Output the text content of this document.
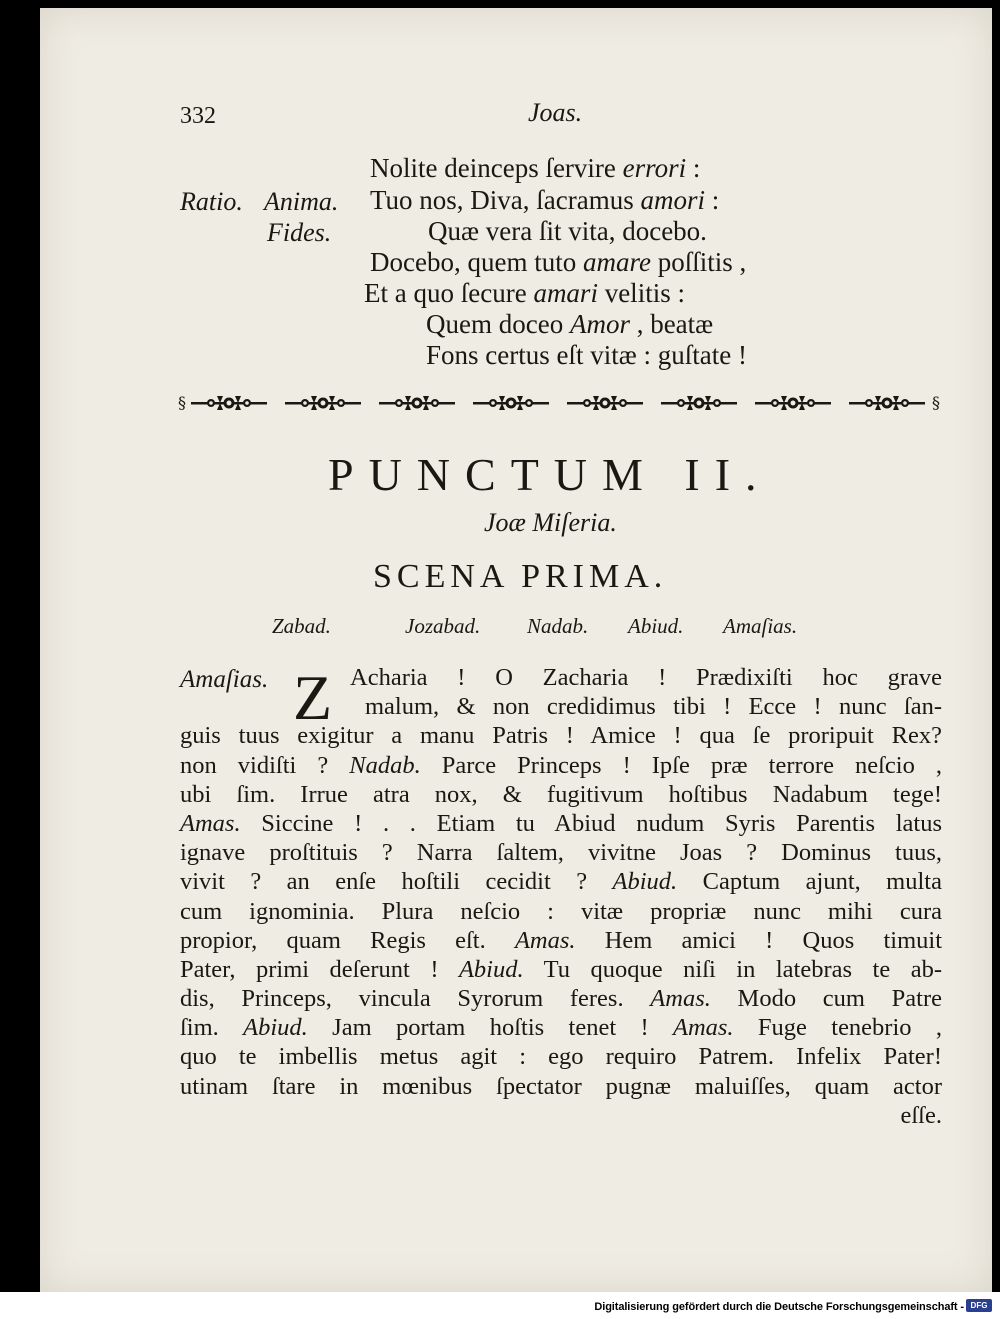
332	Joas.
Nolite deinceps ſervire errori :
Ratio. Anima. Tuo nos, Diva, ſacramus amori :
Fides.	Quæ vera ſit vita, docebo.
Docebo, quem tuto amare poſſitis ,
Et a quo ſecure amari velitis :
Quem doceo Amor , beatæ
Fons certus eſt vitæ : guſtate !
§	§
PUNCTUM II.
Joæ Miſeria.
SCENA PRIMA.
Zabad.	Jozabad. Nadab. Abiud. Amaſias.
Amaſias. Z Acharia ! O Zacharia ! Prædixiſti hoc grave
malum, & non credidimus tibi ! Ecce ! nunc ſan-
guis tuus exigitur a manu Patris ! Amice ! qua ſe proripuit Rex?
non vidiſti ? Nadab. Parce Princeps ! Ipſe præ terrore neſcio ,
ubi ſim. Irrue atra nox, & fugitivum hoſtibus Nadabum tege!
Amas. Siccine ! . . Etiam tu Abiud nudum Syris Parentis latus
ignave proſtituis ? Narra ſaltem, vivitne Joas ? Dominus tuus,
vivit ? an enſe hoſtili cecidit ? Abiud. Captum ajunt, multa
cum ignominia. Plura neſcio : vitæ propriæ nunc mihi cura
propior, quam Regis eſt. Amas. Hem amici ! Quos timuit
Pater, primi deſerunt ! Abiud. Tu quoque niſi in latebras te ab-
dis, Princeps, vincula Syrorum feres. Amas. Modo cum Patre
ſim. Abiud. Jam portam hoſtis tenet ! Amas. Fuge tenebrio ,
quo te imbellis metus agit : ego requiro Patrem. Infelix Pater!
utinam ſtare in mœnibus ſpectator pugnæ maluiſſes, quam actor
eſſe.
Digitalisierung gefördert durch die Deutsche Forschungsgemeinschaft - DFG
